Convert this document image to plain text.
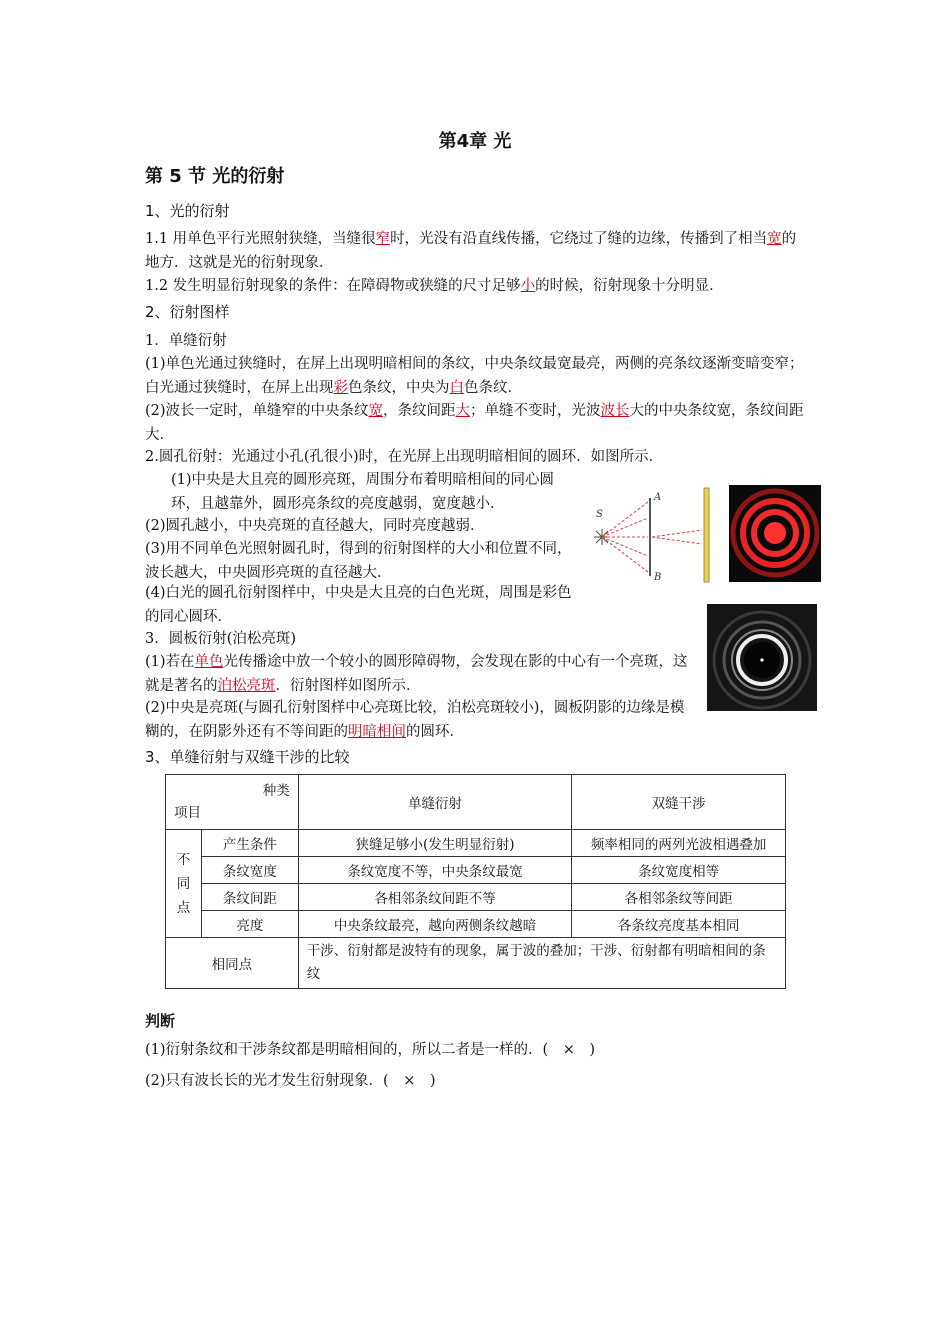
第4章 光
第 5 节 光的衍射
1、光的衍射
1.1 用单色平行光照射狭缝，当缝很窄时，光没有沿直线传播，它绕过了缝的边缘，传播到了相当宽的地方．这就是光的衍射现象．
1.2 发生明显衍射现象的条件：在障碍物或狭缝的尺寸足够小的时候，衍射现象十分明显．
2、衍射图样
1．单缝衍射
(1)单色光通过狭缝时，在屏上出现明暗相间的条纹，中央条纹最宽最亮，两侧的亮条纹逐渐变暗变窄；白光通过狭缝时，在屏上出现彩色条纹，中央为白色条纹．
(2)波长一定时，单缝窄的中央条纹宽，条纹间距大；单缝不变时，光波波长大的中央条纹宽，条纹间距大．
2.圆孔衍射：光通过小孔(孔很小)时，在光屏上出现明暗相间的圆环．如图所示．
(1)中央是大且亮的圆形亮斑，周围分布着明暗相间的同心圆环，且越靠外，圆形亮条纹的亮度越弱，宽度越小．
(2)圆孔越小，中央亮斑的直径越大，同时亮度越弱．
(3)用不同单色光照射圆孔时，得到的衍射图样的大小和位置不同，波长越大，中央圆形亮斑的直径越大．
(4)白光的圆孔衍射图样中，中央是大且亮的白色光斑，周围是彩色的同心圆环．
S
A
B
3．圆板衍射(泊松亮斑)
(1)若在单色光传播途中放一个较小的圆形障碍物，会发现在影的中心有一个亮斑，这就是著名的泊松亮斑．衍射图样如图所示．
(2)中央是亮斑(与圆孔衍射图样中心亮斑比较，泊松亮斑较小)，圆板阴影的边缘是模糊的，在阴影外还有不等间距的明暗相间的圆环．
3、单缝衍射与双缝干涉的比较
种类
项目		单缝衍射	双缝干涉
不同点	产生条件	狭缝足够小(发生明显衍射)	频率相同的两列光波相遇叠加
	条纹宽度	条纹宽度不等，中央条纹最宽	条纹宽度相等
	条纹间距	各相邻条纹间距不等	各相邻条纹等间距
	亮度	中央条纹最亮，越向两侧条纹越暗	各条纹亮度基本相同
相同点		干涉、衍射都是波特有的现象，属于波的叠加；干涉、衍射都有明暗相间的条纹	
判断
(1)衍射条纹和干涉条纹都是明暗相间的，所以二者是一样的．(　×　)
(2)只有波长长的光才发生衍射现象．(　×　)
